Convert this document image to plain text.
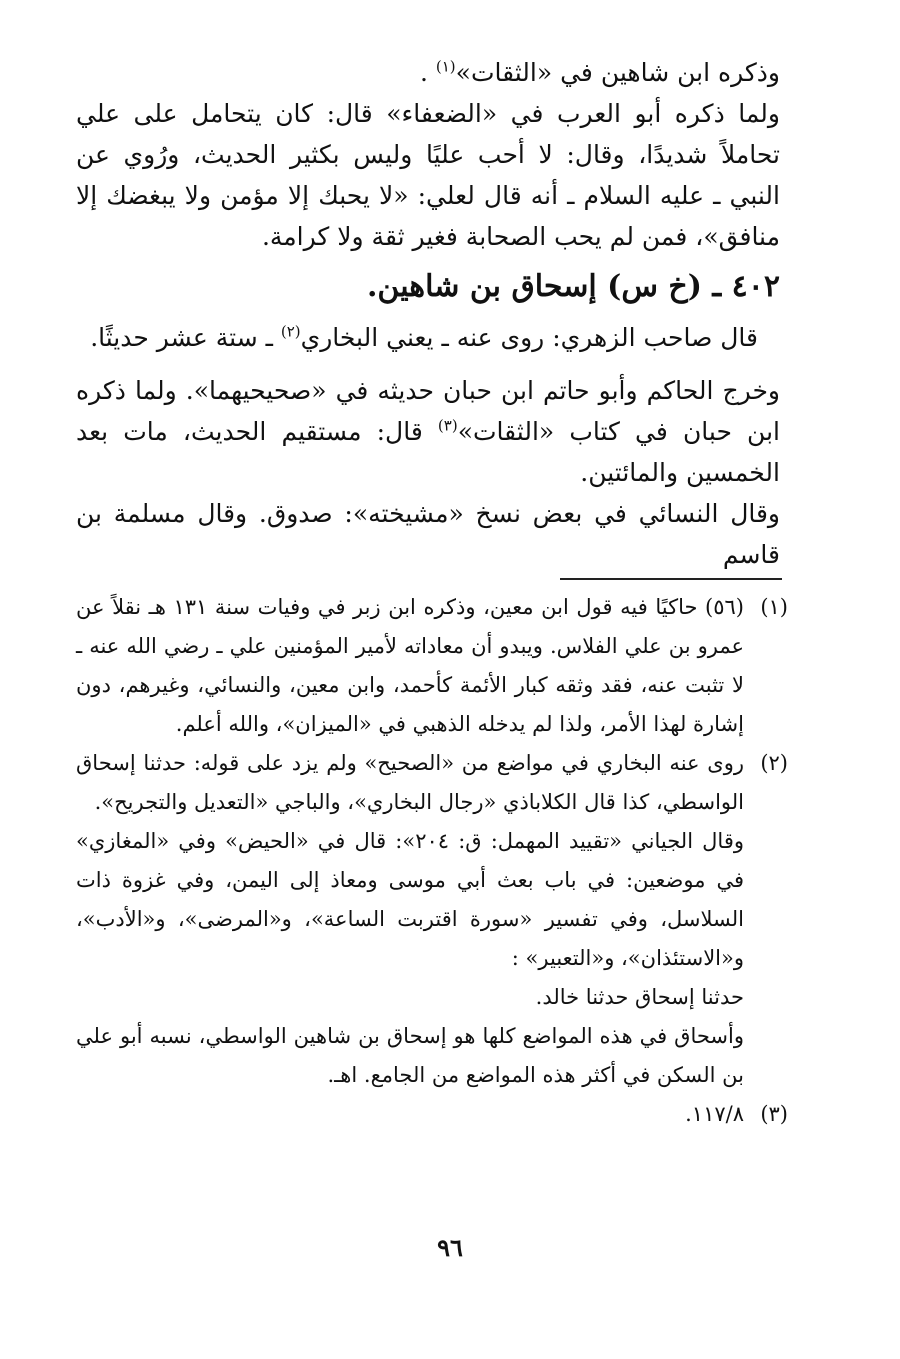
وذكره ابن شاهين في «الثقات»$^{(١)}$ .

ولما ذكره أبو العرب في «الضعفاء» قال: كان يتحامل على علي تحاملاً شديدًا، وقال: لا أحب عليًا وليس بكثير الحديث، ورُوي عن النبي ـ عليه السلام ـ أنه قال لعلي: «لا يحبك إلا مؤمن ولا يبغضك إلا منافق»، فمن لم يحب الصحابة فغير ثقة ولا كرامة.

٤٠٢ ـ (خ س) إسحاق بن شاهين.

قال صاحب الزهري: روى عنه ـ يعني البخاري$^{(٢)}$ ـ ستة عشر حديثًا.

وخرج الحاكم وأبو حاتم ابن حبان حديثه في «صحيحيهما». ولما ذكره ابن حبان في كتاب «الثقات»$^{(٣)}$ قال: مستقيم الحديث، مات بعد الخمسين والمائتين.

وقال النسائي في بعض نسخ «مشيخته»: صدوق. وقال مسلمة بن قاسم

(١)

(٥٦) حاكيًا فيه قول ابن معين، وذكره ابن زبر في وفيات سنة ١٣١ هـ نقلاً عن عمرو بن علي الفلاس. ويبدو أن معاداته لأمير المؤمنين علي ـ رضي الله عنه ـ لا تثبت عنه، فقد وثقه كبار الأئمة كأحمد، وابن معين، والنسائي، وغيرهم، دون إشارة لهذا الأمر، ولذا لم يدخله الذهبي في «الميزان»، والله أعلم.

(٢)

روى عنه البخاري في مواضع من «الصحيح» ولم يزد على قوله: حدثنا إسحاق الواسطي، كذا قال الكلاباذي «رجال البخاري»، والباجي «التعديل والتجريح».

وقال الجياني «تقييد المهمل: ق: ٢٠٤»: قال في «الحيض» وفي «المغازي» في موضعين: في باب بعث أبي موسى ومعاذ إلى اليمن، وفي غزوة ذات السلاسل، وفي تفسير «سورة اقتربت الساعة»، و«المرضى»، و«الأدب»، و«الاستئذان»، و«التعبير» :

حدثنا إسحاق حدثنا خالد.

وأسحاق في هذه المواضع كلها هو إسحاق بن شاهين الواسطي، نسبه أبو علي بن السكن في أكثر هذه المواضع من الجامع. اهـ.

(٣)

١١٧/٨.

٩٦
